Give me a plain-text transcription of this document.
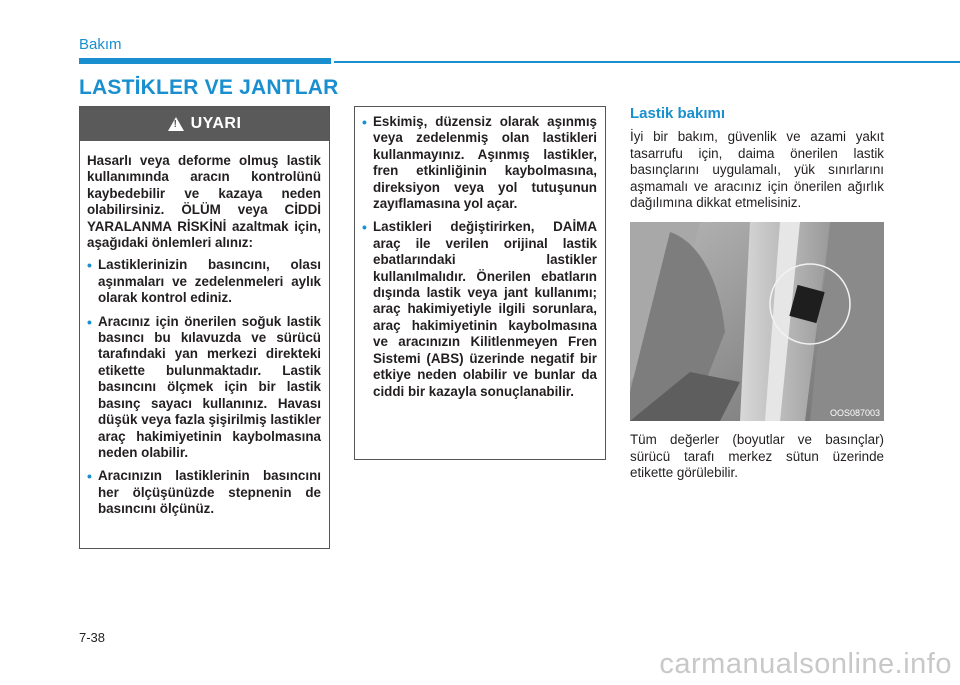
Bakım
LASTİKLER VE JANTLAR
! UYARI

Hasarlı veya deforme olmuş lastik kullanımında aracın kontrolünü kaybedebilir ve kazaya neden olabilirsiniz. ÖLÜM veya CİDDİ YARALANMA RİSKİNİ azaltmak için, aşağıdaki önlemleri alınız:

• Lastiklerinizin basıncını, olası aşınmaları ve zedelenmeleri aylık olarak kontrol ediniz.
• Aracınız için önerilen soğuk lastik basıncı bu kılavuzda ve sürücü tarafındaki yan merkezi direkteki etikette bulunmaktadır. Lastik basıncını ölçmek için bir lastik basınç sayacı kullanınız. Havası düşük veya fazla şişirilmiş lastikler araç hakimiyetinin kaybolmasına neden olabilir.
• Aracınızın lastiklerinin basıncını her ölçüşünüzde stepnenin de basıncını ölçünüz.
• Eskimiş, düzensiz olarak aşınmış veya zedelenmiş olan lastikleri kullanmayınız. Aşınmış lastikler, fren etkinliğinin kaybolmasına, direksiyon veya yol tutuşunun zayıflamasına yol açar.
• Lastikleri değiştirirken, DAİMA araç ile verilen orijinal lastik ebatlarındaki lastikler kullanılmalıdır. Önerilen ebatların dışında lastik veya jant kullanımı; araç hakimiyetiyle ilgili sorunlara, araç hakimiyetinin kaybolmasına ve aracınızın Kilitlenmeyen Fren Sistemi (ABS) üzerinde negatif bir etkiye neden olabilir ve bunlar da ciddi bir kazayla sonuçlanabilir.
Lastik bakımı

İyi bir bakım, güvenlik ve azami yakıt tasarrufu için, daima önerilen lastik basınçlarını uygulamalı, yük sınırlarını aşmamalı ve aracınız için önerilen ağırlık dağılımına dikkat etmelisiniz.

OOS087003

Tüm değerler (boyutlar ve basınçlar) sürücü tarafı merkez sütun üzerinde etikette görülebilir.

7-38
carmanualsonline.info
